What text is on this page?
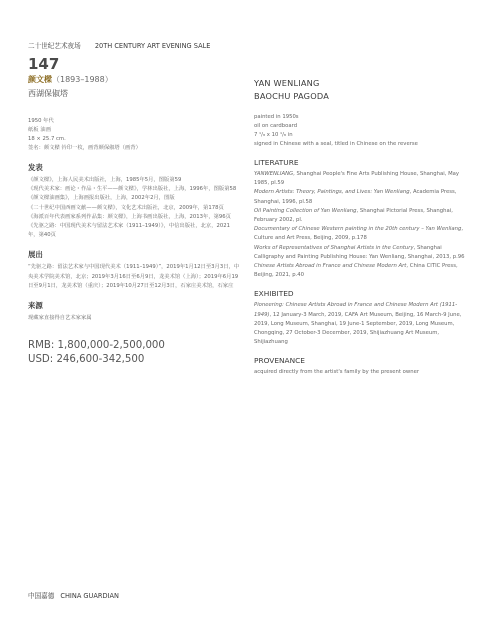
二十世纪艺术夜场 20TH CENTURY ART EVENING SALE
147
颜文樑（1893–1988）
西湖保俶塔
1950 年代
纸板 油画
18 × 25.7 cm.
签名：颜文樑 钤印一枚，画背颜保俶塔（画背）
发表
《颜文樑》，上海人民美术出版社，上海，1985年5月，图版第59
《现代美术家：画论・作品・生平——颜文樑》，学林出版社，上海，1996年，图版第58
《颜文樑油画集》，上海画报出版社，上海，2002年2月，图版
《二十世纪中国西画文献——颜文樑》，文化艺术出版社，北京，2009年，第178页
《海派百年代表画家系列作品集：颜文樑》，上海书画出版社，上海，2013年，第96页
《先驱之路：中国现代美术与留法艺术家（1911–1949）》，中信出版社，北京，2021年，第40页
展出
“先驱之路：留法艺术家与中国现代美术（1911–1949）”，2019年1月12日至3月3日，中央美术学院美术馆，北京；2019年3月16日至6月9日，龙美术馆（上海）；2019年6月19日至9月1日，龙美术馆（重庆）；2019年10月27日至12月3日，石家庄美术馆，石家庄
来源
现藏家直接得自艺术家家属
RMB: 1,800,000-2,500,000
USD: 246,600-342,500
YAN WENLIANG
BAOCHU PAGODA
painted in 1950s
oil on cardboard
7 ¹/₈ x 10 ¹/₈ in
signed in Chinese with a seal, titled in Chinese on the reverse
LITERATURE
YANWENLIANG, Shanghai People's Fine Arts Publishing House, Shanghai, May 1985, pl.59
Modern Artists: Theory, Paintings, and Lives: Yan Wenliang, Academia Press, Shanghai, 1996, pl.58
Oil Painting Collection of Yan Wenliang, Shanghai Pictorial Press, Shanghai, February 2002, pl.
Documentary of Chinese Western painting in the 20th century – Yan Wenliang, Culture and Art Press, Beijing, 2009, p.178
Works of Representatives of Shanghai Artists in the Century, Shanghai Calligraphy and Painting Publishing House: Yan Wenliang, Shanghai, 2013, p.96
Chinese Artists Abroad in France and Chinese Modern Art, China CITIC Press, Beijing, 2021, p.40
EXHIBITED
Pioneering: Chinese Artists Abroad in France and Chinese Modern Art (1911-1949), 12 January-3 March, 2019, CAFA Art Museum, Beijing, 16 March-9 June, 2019, Long Museum, Shanghai, 19 June-1 September, 2019, Long Museum, Chongqing, 27 October-3 December, 2019, Shijiazhuang Art Museum, Shijiazhuang
PROVENANCE
acquired directly from the artist's family by the present owner
中国嘉德 CHINA GUARDIAN
